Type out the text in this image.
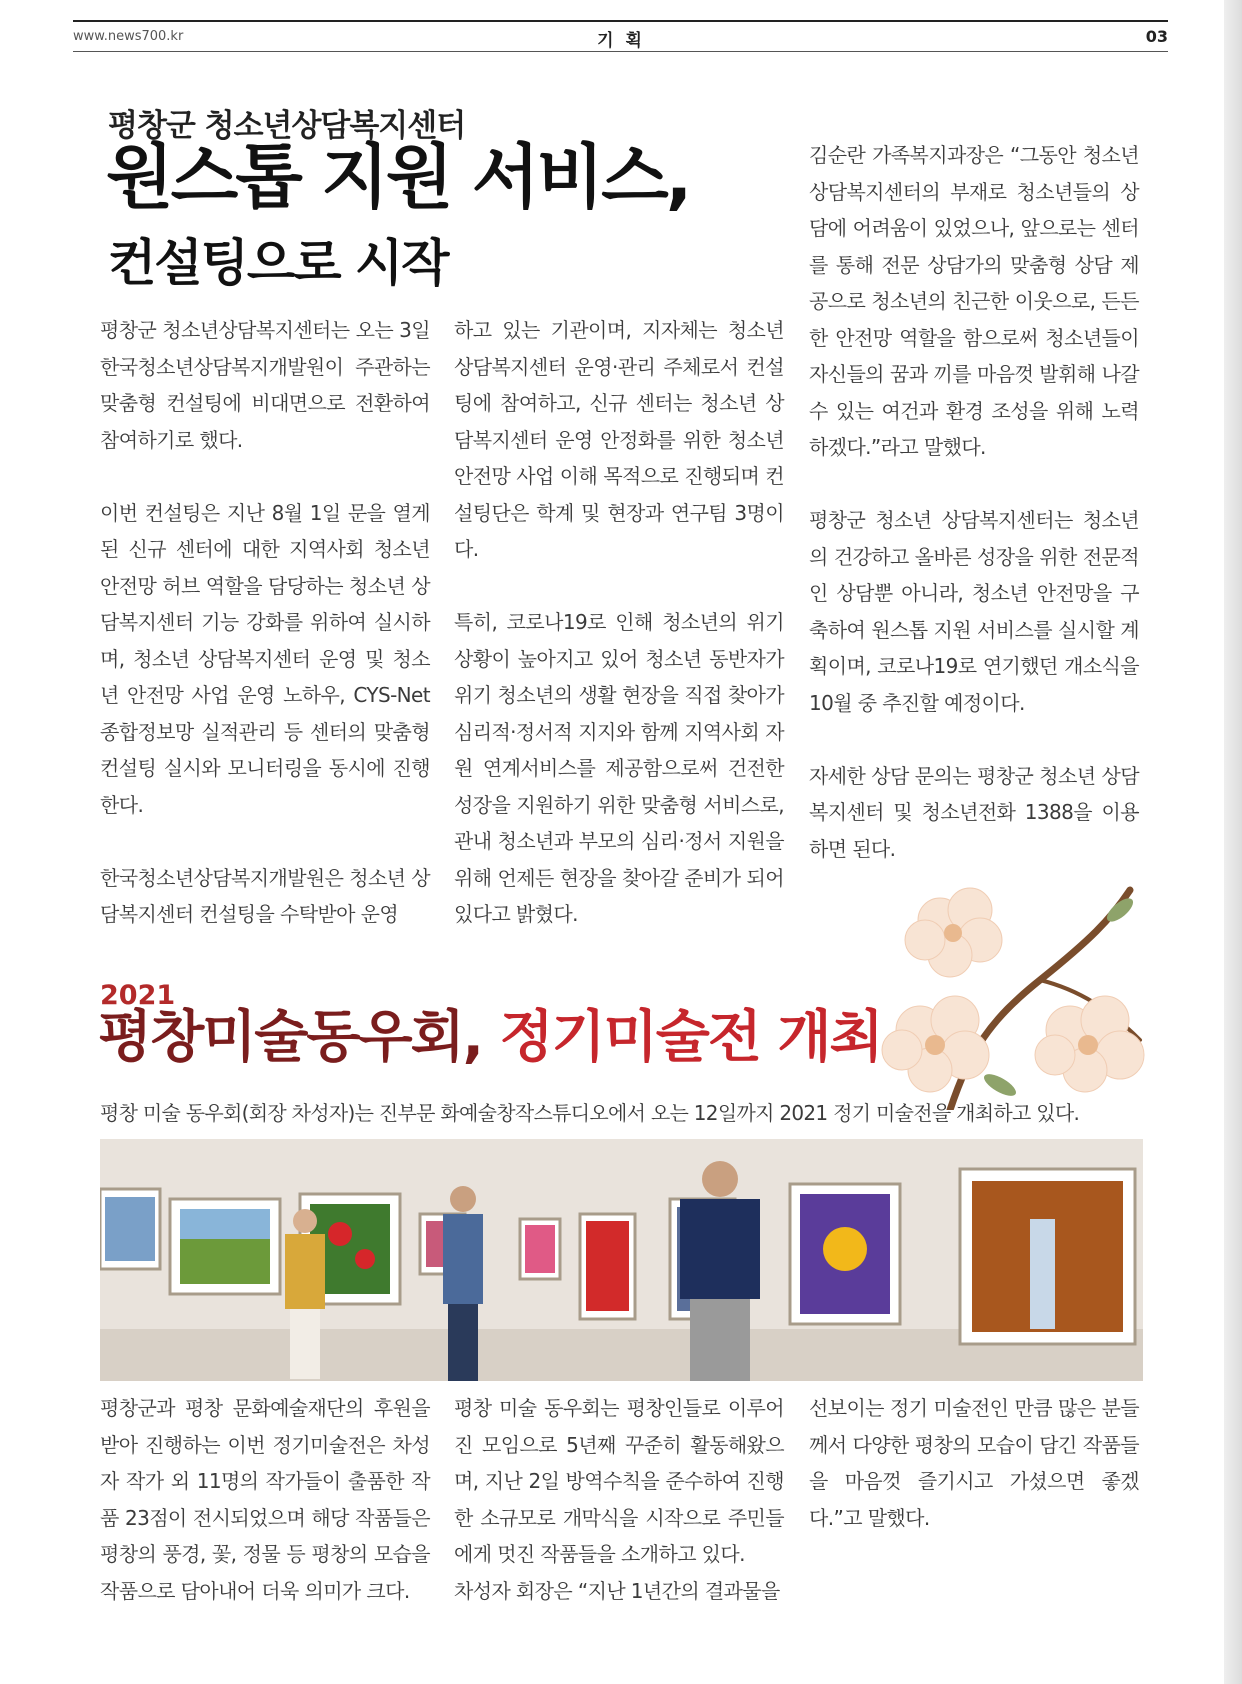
www.news700.kr	기 획	03
평창군 청소년상담복지센터
원스톱 지원 서비스,
컨설팅으로 시작

평창군 청소년상담복지센터는 오는 3일 한국청소년상담복지개발원이 주관하는 맞춤형 컨설팅에 비대면으로 전환하여 참여하기로 했다.

이번 컨설팅은 지난 8월 1일 문을 열게 된 신규 센터에 대한 지역사회 청소년 안전망 허브 역할을 담당하는 청소년 상담복지센터 기능 강화를 위하여 실시하며, 청소년 상담복지센터 운영 및 청소년 안전망 사업 운영 노하우, CYS-Net 종합정보망 실적관리 등 센터의 맞춤형 컨설팅 실시와 모니터링을 동시에 진행한다.

한국청소년상담복지개발원은 청소년 상담복지센터 컨설팅을 수탁받아 운영

하고 있는 기관이며, 지자체는 청소년 상담복지센터 운영·관리 주체로서 컨설팅에 참여하고, 신규 센터는 청소년 상담복지센터 운영 안정화를 위한 청소년 안전망 사업 이해 목적으로 진행되며 컨설팅단은 학계 및 현장과 연구팀 3명이다.

특히, 코로나19로 인해 청소년의 위기 상황이 높아지고 있어 청소년 동반자가 위기 청소년의 생활 현장을 직접 찾아가 심리적·정서적 지지와 함께 지역사회 자원 연계서비스를 제공함으로써 건전한 성장을 지원하기 위한 맞춤형 서비스로, 관내 청소년과 부모의 심리·정서 지원을 위해 언제든 현장을 찾아갈 준비가 되어 있다고 밝혔다.

김순란 가족복지과장은 “그동안 청소년 상담복지센터의 부재로 청소년들의 상담에 어려움이 있었으나, 앞으로는 센터를 통해 전문 상담가의 맞춤형 상담 제공으로 청소년의 친근한 이웃으로, 든든한 안전망 역할을 함으로써 청소년들이 자신들의 꿈과 끼를 마음껏 발휘해 나갈 수 있는 여건과 환경 조성을 위해 노력하겠다.”라고 말했다.

평창군 청소년 상담복지센터는 청소년의 건강하고 올바른 성장을 위한 전문적인 상담뿐 아니라, 청소년 안전망을 구축하여 원스톱 지원 서비스를 실시할 계획이며, 코로나19로 연기했던 개소식을 10월 중 추진할 예정이다.

자세한 상담 문의는 평창군 청소년 상담복지센터 및 청소년전화 1388을 이용하면 된다.

2021
평창미술동우회, 정기미술전 개최
평창 미술 동우회(회장 차성자)는 진부문 화예술창작스튜디오에서 오는 12일까지 2021 정기 미술전을 개최하고 있다.

평창군과 평창 문화예술재단의 후원을 받아 진행하는 이번 정기미술전은 차성자 작가 외 11명의 작가들이 출품한 작품 23점이 전시되었으며 해당 작품들은 평창의 풍경, 꽃, 정물 등 평창의 모습을 작품으로 담아내어 더욱 의미가 크다.

평창 미술 동우회는 평창인들로 이루어진 모임으로 5년째 꾸준히 활동해왔으며, 지난 2일 방역수칙을 준수하여 진행한 소규모로 개막식을 시작으로 주민들에게 멋진 작품들을 소개하고 있다.

차성자 회장은 “지난 1년간의 결과물을

선보이는 정기 미술전인 만큼 많은 분들께서 다양한 평창의 모습이 담긴 작품들을 마음껏 즐기시고 가셨으면 좋겠다.”고 말했다.
